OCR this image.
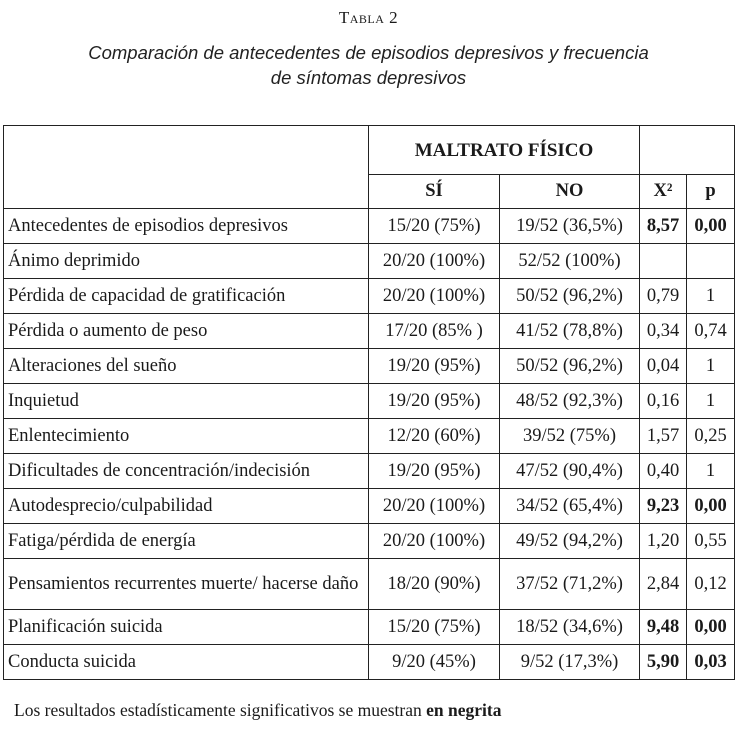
Tabla 2
Comparación de antecedentes de episodios depresivos y frecuencia
de síntomas depresivos
	MALTRATO FÍSICO			
	SÍ	NO	X²	p
Antecedentes de episodios depresivos	15/20 (75%)	19/52 (36,5%)	8,57	0,00
Ánimo deprimido	20/20 (100%)	52/52 (100%)		
Pérdida de capacidad de gratificación	20/20 (100%)	50/52 (96,2%)	0,79	1
Pérdida o aumento de peso	17/20 (85% )	41/52 (78,8%)	0,34	0,74
Alteraciones del sueño	19/20 (95%)	50/52 (96,2%)	0,04	1
Inquietud	19/20 (95%)	48/52 (92,3%)	0,16	1
Enlentecimiento	12/20 (60%)	39/52 (75%)	1,57	0,25
Dificultades de concentración/indecisión	19/20 (95%)	47/52 (90,4%)	0,40	1
Autodesprecio/culpabilidad	20/20 (100%)	34/52 (65,4%)	9,23	0,00
Fatiga/pérdida de energía	20/20 (100%)	49/52 (94,2%)	1,20	0,55
Pensamientos recurrentes muerte/ hacerse daño	18/20 (90%)	37/52 (71,2%)	2,84	0,12
Planificación suicida	15/20 (75%)	18/52 (34,6%)	9,48	0,00
Conducta suicida	9/20 (45%)	9/52 (17,3%)	5,90	0,03
Los resultados estadísticamente significativos se muestran en negrita
